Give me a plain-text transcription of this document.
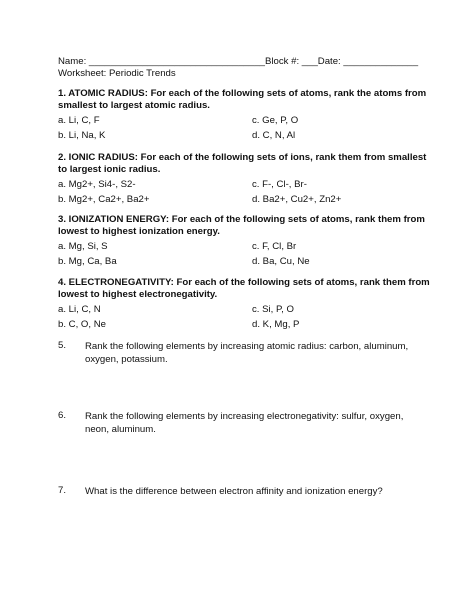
Name: _________________________________Block #: ___Date: ______________
Worksheet: Periodic Trends
1. ATOMIC RADIUS: For each of the following sets of atoms, rank the atoms from
smallest to largest atomic radius.
a. Li, C, F	c. Ge, P, O
b. Li, Na, K	d. C, N, Al
2. IONIC RADIUS: For each of the following sets of ions, rank them from smallest
to largest ionic radius.
a. Mg2+, Si4-, S2-	c. F-, Cl-, Br-
b. Mg2+, Ca2+, Ba2+	d. Ba2+, Cu2+, Zn2+
3. IONIZATION ENERGY: For each of the following sets of atoms, rank them from
lowest to highest ionization energy.
a. Mg, Si, S	c. F, Cl, Br
b. Mg, Ca, Ba	d. Ba, Cu, Ne
4. ELECTRONEGATIVITY: For each of the following sets of atoms, rank them from
lowest to highest electronegativity.
a. Li, C, N	c. Si, P, O
b. C, O, Ne	d. K, Mg, P
5. Rank the following elements by increasing atomic radius: carbon, aluminum, oxygen, potassium.
6. Rank the following elements by increasing electronegativity: sulfur, oxygen, neon, aluminum.
7. What is the difference between electron affinity and ionization energy?
